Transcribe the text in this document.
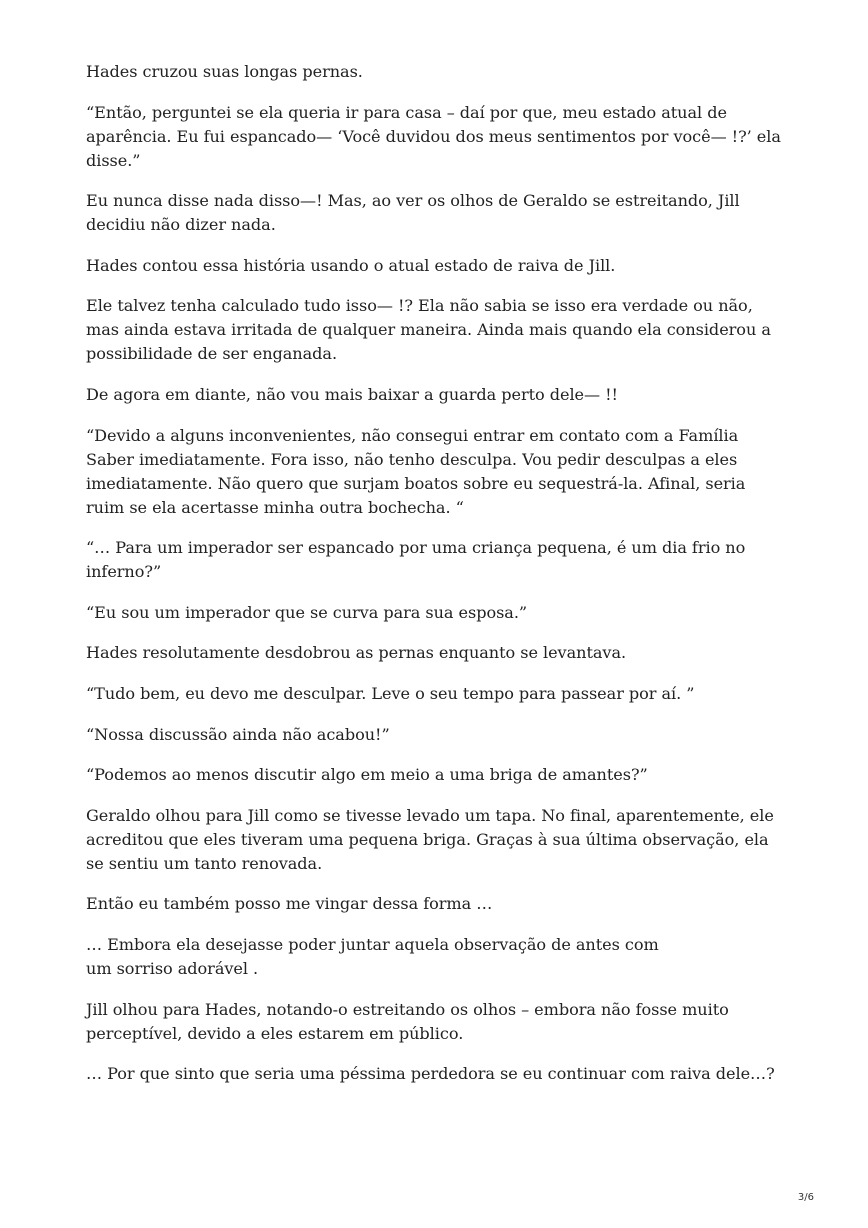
Hades cruzou suas longas pernas.

“Então, perguntei se ela queria ir para casa – daí por que, meu estado atual de aparência. Eu fui espancado— ‘Você duvidou dos meus sentimentos por você— !?’ ela disse.”

Eu nunca disse nada disso—! Mas, ao ver os olhos de Geraldo se estreitando, Jill decidiu não dizer nada.

Hades contou essa história usando o atual estado de raiva de Jill.

Ele talvez tenha calculado tudo isso— !? Ela não sabia se isso era verdade ou não, mas ainda estava irritada de qualquer maneira. Ainda mais quando ela considerou a possibilidade de ser enganada.

De agora em diante, não vou mais baixar a guarda perto dele— !!

“Devido a alguns inconvenientes, não consegui entrar em contato com a Família Saber imediatamente. Fora isso, não tenho desculpa. Vou pedir desculpas a eles imediatamente. Não quero que surjam boatos sobre eu sequestrá-la. Afinal, seria ruim se ela acertasse minha outra bochecha. “

“… Para um imperador ser espancado por uma criança pequena, é um dia frio no inferno?”

“Eu sou um imperador que se curva para sua esposa.”

Hades resolutamente desdobrou as pernas enquanto se levantava.

“Tudo bem, eu devo me desculpar. Leve o seu tempo para passear por aí. ”

“Nossa discussão ainda não acabou!”

“Podemos ao menos discutir algo em meio a uma briga de amantes?”

Geraldo olhou para Jill como se tivesse levado um tapa. No final, aparentemente, ele acreditou que eles tiveram uma pequena briga. Graças à sua última observação, ela se sentiu um tanto renovada.

Então eu também posso me vingar dessa forma …

… Embora ela desejasse poder juntar aquela observação de antes com
um sorriso adorável .

Jill olhou para Hades, notando-o estreitando os olhos – embora não fosse muito perceptível, devido a eles estarem em público.

… Por que sinto que seria uma péssima perdedora se eu continuar com raiva dele…?

3/6
